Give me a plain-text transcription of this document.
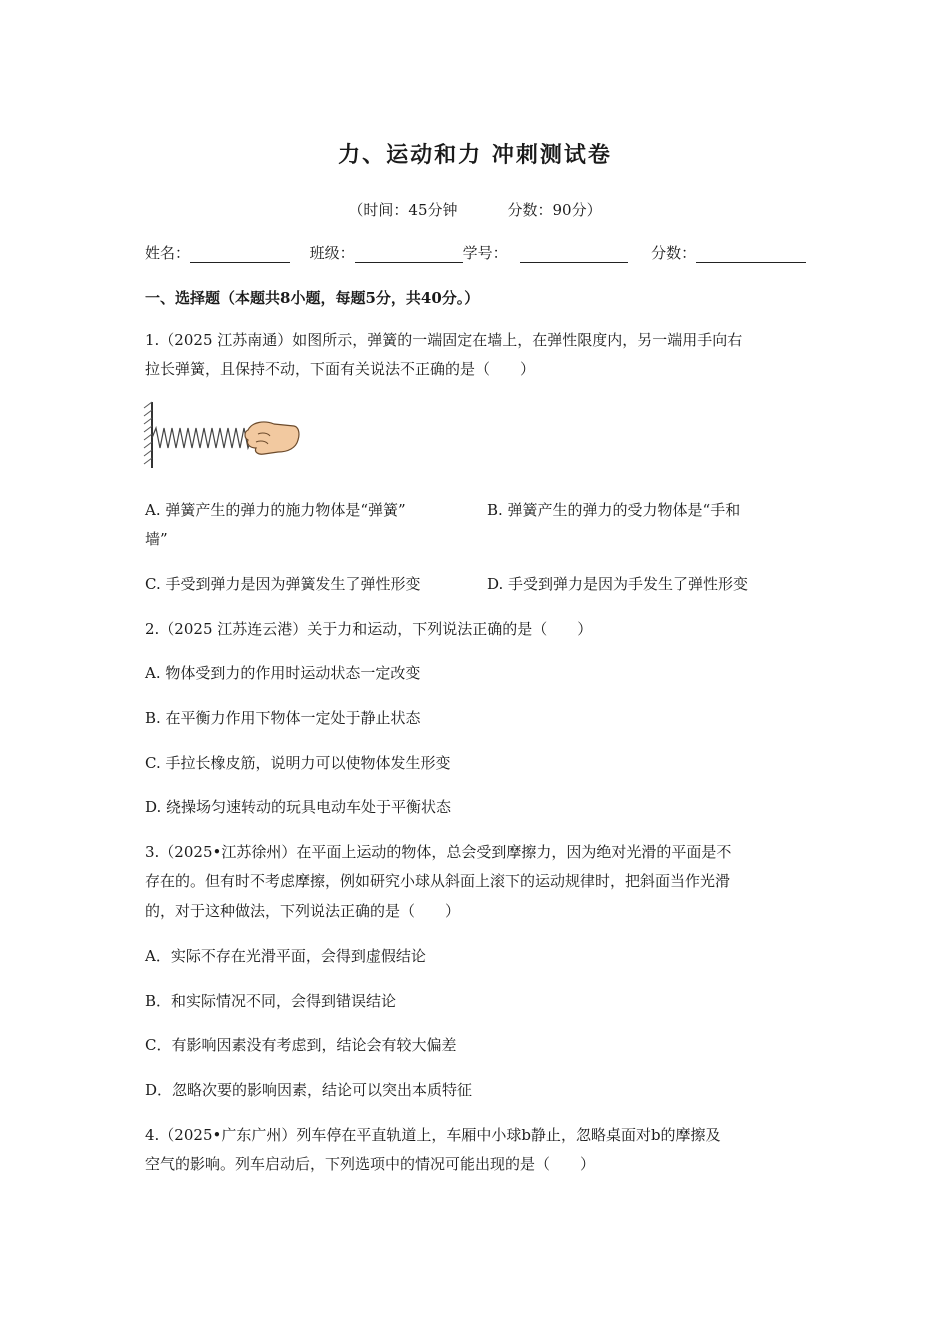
力、运动和力 冲刺测试卷
（时间：45分钟	分数：90分）
姓名：	班级：	学号：	分数：
一、选择题（本题共8小题，每题5分，共40分。）
1.（2025 江苏南通）如图所示，弹簧的一端固定在墙上，在弹性限度内，另一端用手向右
拉长弹簧，且保持不动，下面有关说法不正确的是（　　）
A. 弹簧产生的弹力的施力物体是“弹簧”	B. 弹簧产生的弹力的受力物体是“手和
墙”
C. 手受到弹力是因为弹簧发生了弹性形变	D. 手受到弹力是因为手发生了弹性形变
2.（2025 江苏连云港）关于力和运动，下列说法正确的是（　　）
A. 物体受到力的作用时运动状态一定改变
B. 在平衡力作用下物体一定处于静止状态
C. 手拉长橡皮筋，说明力可以使物体发生形变
D. 绕操场匀速转动的玩具电动车处于平衡状态
3.（2025•江苏徐州）在平面上运动的物体，总会受到摩擦力，因为绝对光滑的平面是不
存在的。但有时不考虑摩擦，例如研究小球从斜面上滚下的运动规律时，把斜面当作光滑
的，对于这种做法，下列说法正确的是（　　）
A．实际不存在光滑平面，会得到虚假结论
B．和实际情况不同，会得到错误结论
C．有影响因素没有考虑到，结论会有较大偏差
D．忽略次要的影响因素，结论可以突出本质特征
4.（2025•广东广州）列车停在平直轨道上，车厢中小球b静止，忽略桌面对b的摩擦及
空气的影响。列车启动后，下列选项中的情况可能出现的是（　　）
